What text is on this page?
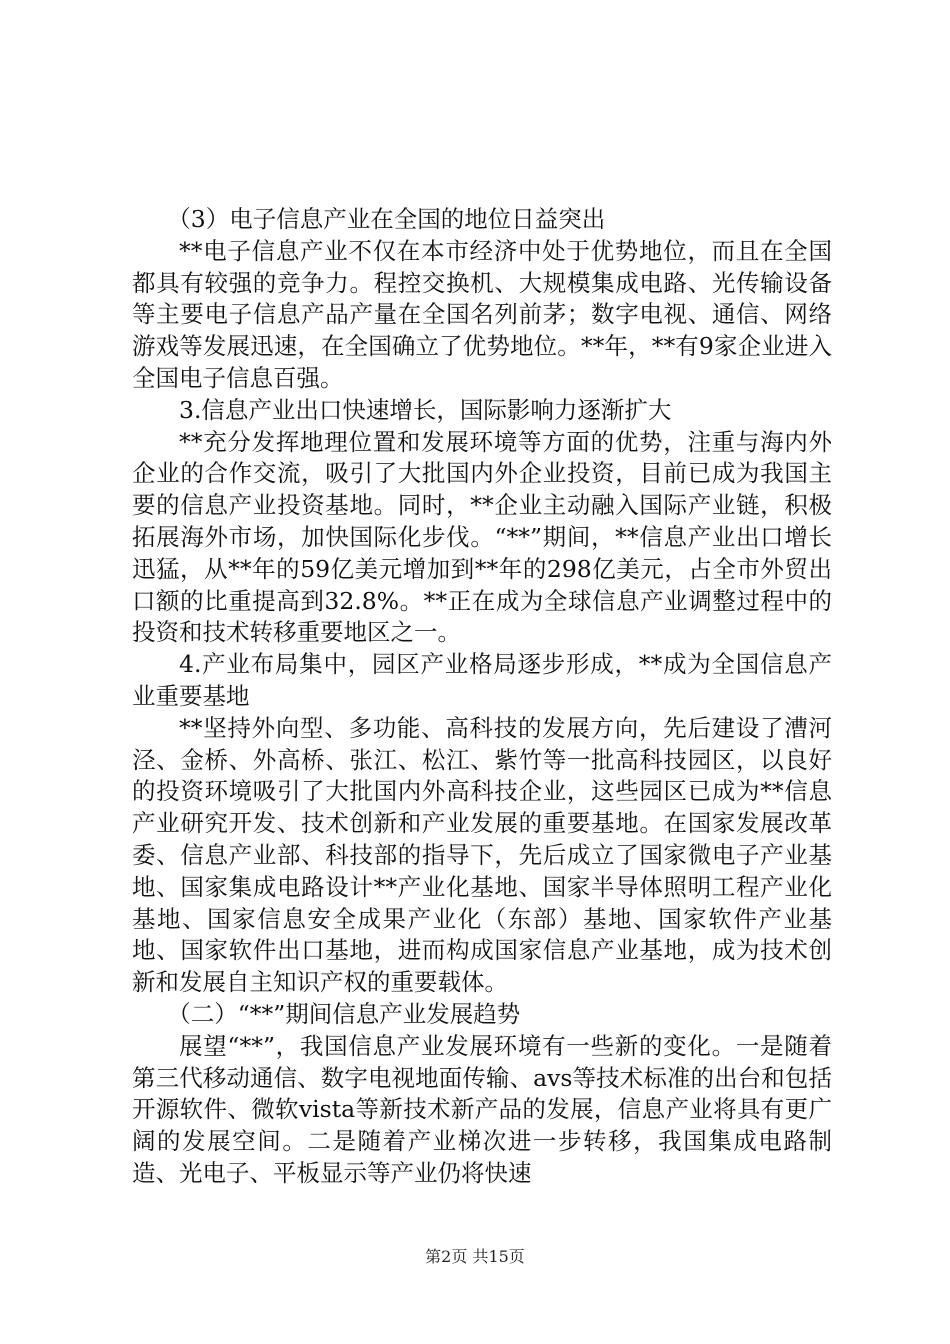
（3）电子信息产业在全国的地位日益突出

**电子信息产业不仅在本市经济中处于优势地位，而且在全国都具有较强的竞争力。程控交换机、大规模集成电路、光传输设备等主要电子信息产品产量在全国名列前茅；数字电视、通信、网络游戏等发展迅速，在全国确立了优势地位。**年，**有9家企业进入全国电子信息百强。

3.信息产业出口快速增长，国际影响力逐渐扩大

**充分发挥地理位置和发展环境等方面的优势，注重与海内外企业的合作交流，吸引了大批国内外企业投资，目前已成为我国主要的信息产业投资基地。同时，**企业主动融入国际产业链，积极拓展海外市场，加快国际化步伐。“**”期间，**信息产业出口增长迅猛，从**年的59亿美元增加到**年的298亿美元，占全市外贸出口额的比重提高到32.8%。**正在成为全球信息产业调整过程中的投资和技术转移重要地区之一。

4.产业布局集中，园区产业格局逐步形成，**成为全国信息产业重要基地

**坚持外向型、多功能、高科技的发展方向，先后建设了漕河泾、金桥、外高桥、张江、松江、紫竹等一批高科技园区，以良好的投资环境吸引了大批国内外高科技企业，这些园区已成为**信息产业研究开发、技术创新和产业发展的重要基地。在国家发展改革委、信息产业部、科技部的指导下，先后成立了国家微电子产业基地、国家集成电路设计**产业化基地、国家半导体照明工程产业化基地、国家信息安全成果产业化（东部）基地、国家软件产业基地、国家软件出口基地，进而构成国家信息产业基地，成为技术创新和发展自主知识产权的重要载体。

（二）“**”期间信息产业发展趋势

展望“**”，我国信息产业发展环境有一些新的变化。一是随着第三代移动通信、数字电视地面传输、avs等技术标准的出台和包括开源软件、微软vista等新技术新产品的发展，信息产业将具有更广阔的发展空间。二是随着产业梯次进一步转移，我国集成电路制造、光电子、平板显示等产业仍将快速

第2页 共15页
